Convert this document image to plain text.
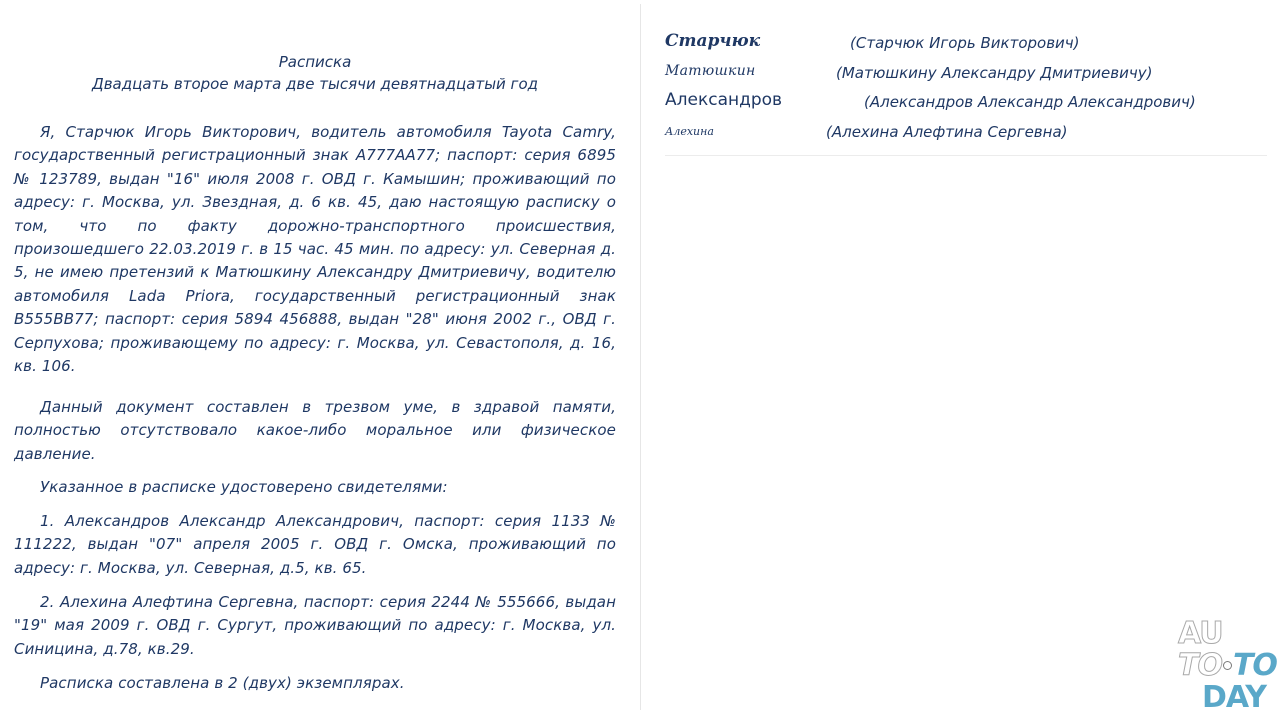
Расписка

Двадцать второе марта две тысячи девятнадцатый год

Я, Старчюк Игорь Викторович, водитель автомобиля Tayota Camry, государственный регистрационный знак А777АА77; паспорт: серия 6895 № 123789, выдан "16" июля 2008 г. ОВД г. Камышин; проживающий по адресу: г. Москва, ул. Звездная, д. 6 кв. 45, даю настоящую расписку о том, что по факту дорожно-транспортного происшествия, произошедшего 22.03.2019 г. в 15 час. 45 мин. по адресу: ул. Северная д. 5, не имею претензий к Матюшкину Александру Дмитриевичу, водителю автомобиля Lada Priora, государственный регистрационный знак В555ВВ77; паспорт: серия 5894 456888, выдан "28" июня 2002 г., ОВД г. Серпухова; проживающему по адресу: г. Москва, ул. Севастополя, д. 16, кв. 106.

Данный документ составлен в трезвом уме, в здравой памяти, полностью отсутствовало какое-либо моральное или физическое давление.

Указанное в расписке удостоверено свидетелями:

1. Александров Александр Александрович, паспорт: серия 1133 № 111222, выдан "07" апреля 2005 г. ОВД г. Омска, проживающий по адресу: г. Москва, ул. Северная, д.5, кв. 65.

2. Алехина Алефтина Сергевна, паспорт: серия 2244 № 555666, выдан "19" мая 2009 г. ОВД г. Сургут, проживающий по адресу: г. Москва, ул. Синицина, д.78, кв.29.

Расписка составлена в 2 (двух) экземплярах.

Старчюк	(Старчюк Игорь Викторович)
Матюшкин	(Матюшкину Александру Дмитриевичу)
Александров	(Александров Александр Александрович)
Алехина	(Алехина Алефтина Сергевна)
AU
TO TO
DAY
